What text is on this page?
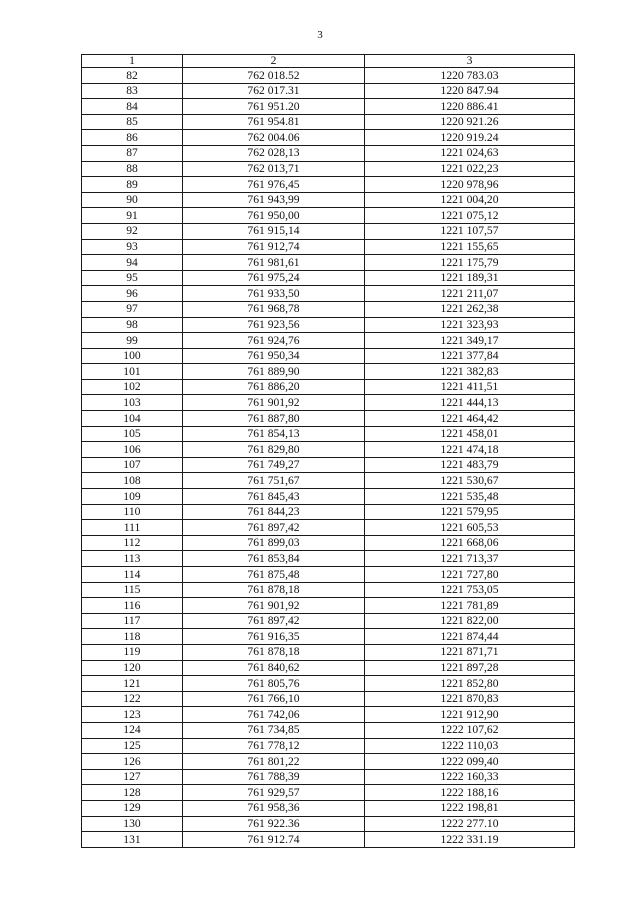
3
1	2	3
82	762 018.52	1220 783.03
83	762 017.31	1220 847.94
84	761 951.20	1220 886.41
85	761 954.81	1220 921.26
86	762 004.06	1220 919.24
87	762 028,13	1221 024,63
88	762 013,71	1221 022,23
89	761 976,45	1220 978,96
90	761 943,99	1221 004,20
91	761 950,00	1221 075,12
92	761 915,14	1221 107,57
93	761 912,74	1221 155,65
94	761 981,61	1221 175,79
95	761 975,24	1221 189,31
96	761 933,50	1221 211,07
97	761 968,78	1221 262,38
98	761 923,56	1221 323,93
99	761 924,76	1221 349,17
100	761 950,34	1221 377,84
101	761 889,90	1221 382,83
102	761 886,20	1221 411,51
103	761 901,92	1221 444,13
104	761 887,80	1221 464,42
105	761 854,13	1221 458,01
106	761 829,80	1221 474,18
107	761 749,27	1221 483,79
108	761 751,67	1221 530,67
109	761 845,43	1221 535,48
110	761 844,23	1221 579,95
111	761 897,42	1221 605,53
112	761 899,03	1221 668,06
113	761 853,84	1221 713,37
114	761 875,48	1221 727,80
115	761 878,18	1221 753,05
116	761 901,92	1221 781,89
117	761 897,42	1221 822,00
118	761 916,35	1221 874,44
119	761 878,18	1221 871,71
120	761 840,62	1221 897,28
121	761 805,76	1221 852,80
122	761 766,10	1221 870,83
123	761 742,06	1221 912,90
124	761 734,85	1222 107,62
125	761 778,12	1222 110,03
126	761 801,22	1222 099,40
127	761 788,39	1222 160,33
128	761 929,57	1222 188,16
129	761 958,36	1222 198,81
130	761 922.36	1222 277.10
131	761 912.74	1222 331.19
